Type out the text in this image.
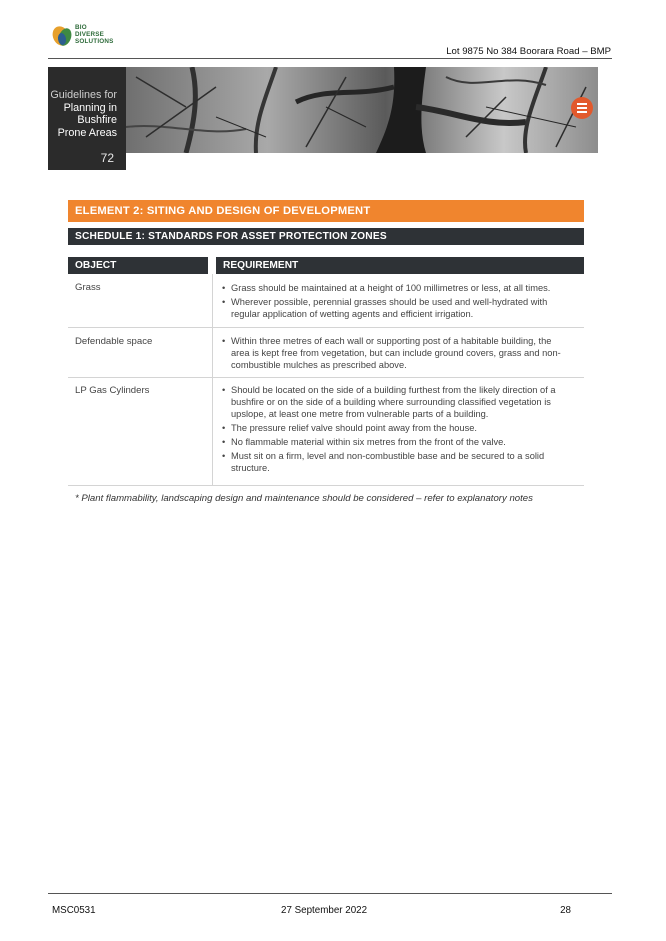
BIO
DIVERSE
SOLUTIONS
Lot 9875 No 384 Boorara Road – BMP
Guidelines for
Planning in
Bushfire
Prone Areas
72
ELEMENT 2: SITING AND DESIGN OF DEVELOPMENT
SCHEDULE 1: STANDARDS FOR ASSET PROTECTION ZONES
OBJECT	REQUIREMENT
Grass	• Grass should be maintained at a height of 100 millimetres or less, at all times.
• Wherever possible, perennial grasses should be used and well-hydrated with regular application of wetting agents and efficient irrigation.
Defendable space	• Within three metres of each wall or supporting post of a habitable building, the area is kept free from vegetation, but can include ground covers, grass and non-combustible mulches as prescribed above.
LP Gas Cylinders	• Should be located on the side of a building furthest from the likely direction of a bushfire or on the side of a building where surrounding classified vegetation is upslope, at least one metre from vulnerable parts of a building.
• The pressure relief valve should point away from the house.
• No flammable material within six metres from the front of the valve.
• Must sit on a firm, level and non-combustible base and be secured to a solid structure.
* Plant flammability, landscaping design and maintenance should be considered – refer to explanatory notes
MSC0531	27 September 2022	28
